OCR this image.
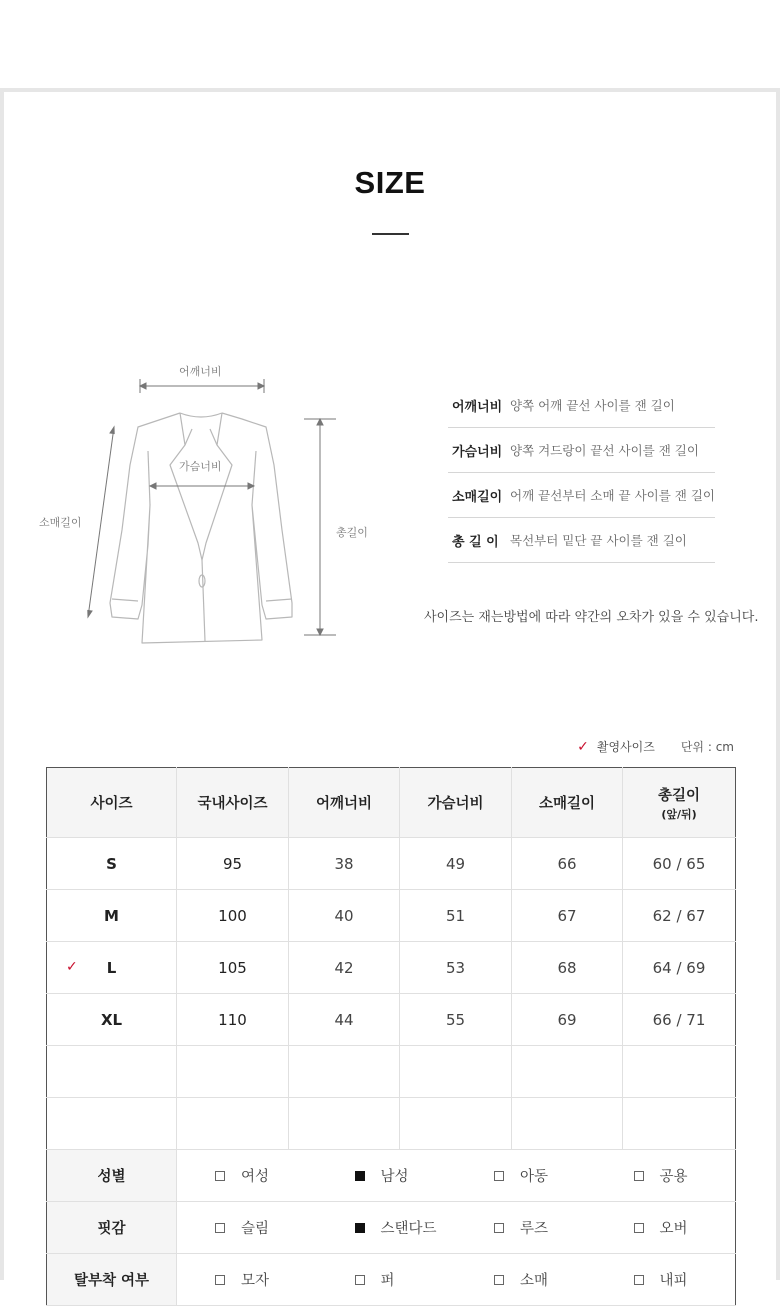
SIZE
어깨너비
가슴너비
소매길이
총길이
어깨너비 양쪽 어깨 끝선 사이를 잰 길이
가슴너비 양쪽 겨드랑이 끝선 사이를 잰 길이
소매길이 어깨 끝선부터 소매 끝 사이를 잰 길이
총 길 이 목선부터 밑단 끝 사이를 잰 길이

사이즈는 재는방법에 따라 약간의 오차가 있을 수 있습니다.

✓ 촬영사이즈 단위 : cm
사이즈	국내사이즈	어깨너비	가슴너비	소매길이	총길이
(앞/뒤)

S	95	38	49	66	60 / 65
M	100	40	51	67	62 / 67

✓ L	105	42	53	68	64 / 69
XL	110	44	55	69	66 / 71

성별	여성 남성 아동 공용				

핏감	슬림 스탠다드 루즈 오버				

탈부착 여부	모자 퍼 소매 내피				
